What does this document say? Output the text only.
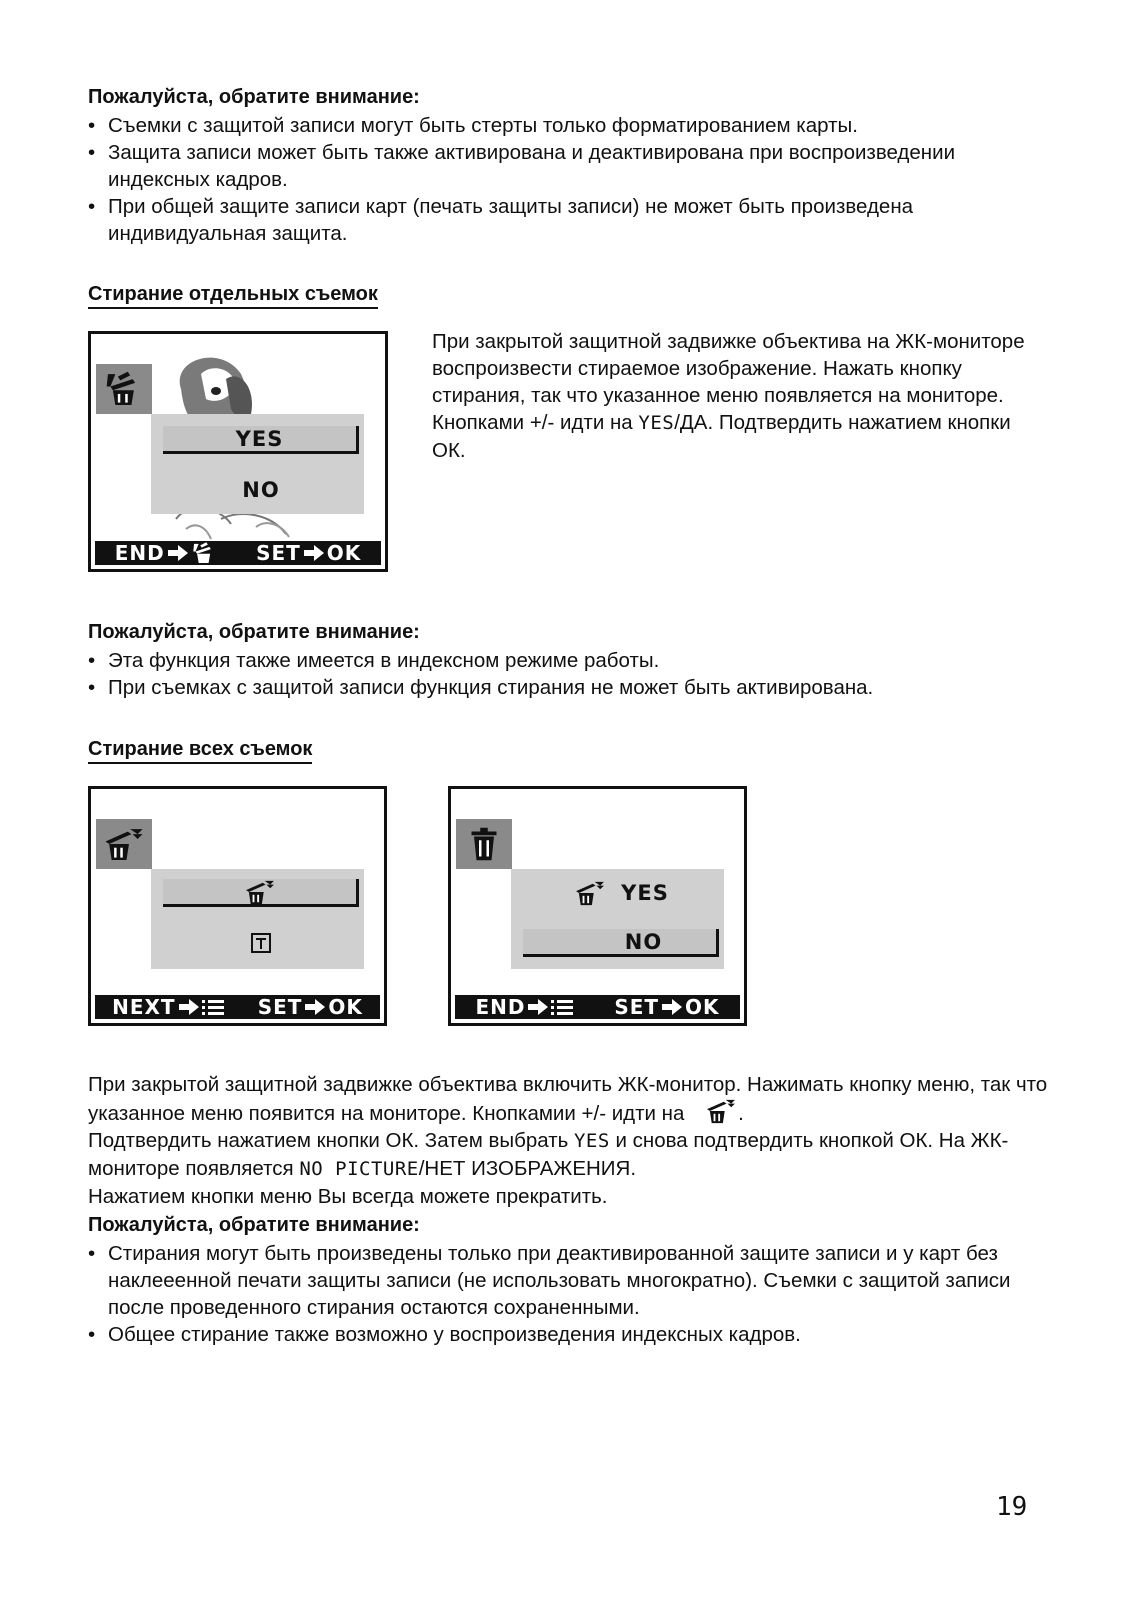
Пожалуйста, обратите внимание:
• Съемки с защитой записи могут быть стерты только форматированием карты.
• Защита записи может быть также активирована и деактивирована при воспроизведении индексных кадров.
• При общей защите записи карт (печать защиты записи) не может быть произведена индивидуальная защита.
Стирание отдельных съемок
YES
NO
END	SET OK
При закрытой защитной задвижке объектива на ЖК-мониторе воспроизвести стираемое изображение. Нажать кнопку стирания, так что указанное меню появляется на мониторе. Кнопками +/- идти на YES/ДА. Подтвердить нажатием кнопки ОК.
Пожалуйста, обратите внимание:
• Эта функция также имеется в индексном режиме работы.
• При съемках с защитой записи функция стирания не может быть активирована.
Стирание всех съемок
NEXT	SET OK
YES
NO
END	SET OK
При закрытой защитной задвижке объектива включить ЖК-монитор. Нажимать кнопку меню, так что указанное меню появится на мониторе. Кнопкамии +/- идти на	.
Подтвердить нажатием кнопки ОК. Затем выбрать YES и снова подтвердить кнопкой ОК. На ЖК-мониторе появляется NO PICTURE/НЕТ ИЗОБРАЖЕНИЯ.
Нажатием кнопки меню Вы всегда можете прекратить.
Пожалуйста, обратите внимание:
• Стирания могут быть произведены только при деактивированной защите записи и у карт без наклееенной печати защиты записи (не использовать многократно). Съемки с защитой записи после проведенного стирания остаются сохраненными.
• Общее стирание также возможно у воспроизведения индексных кадров.
19
